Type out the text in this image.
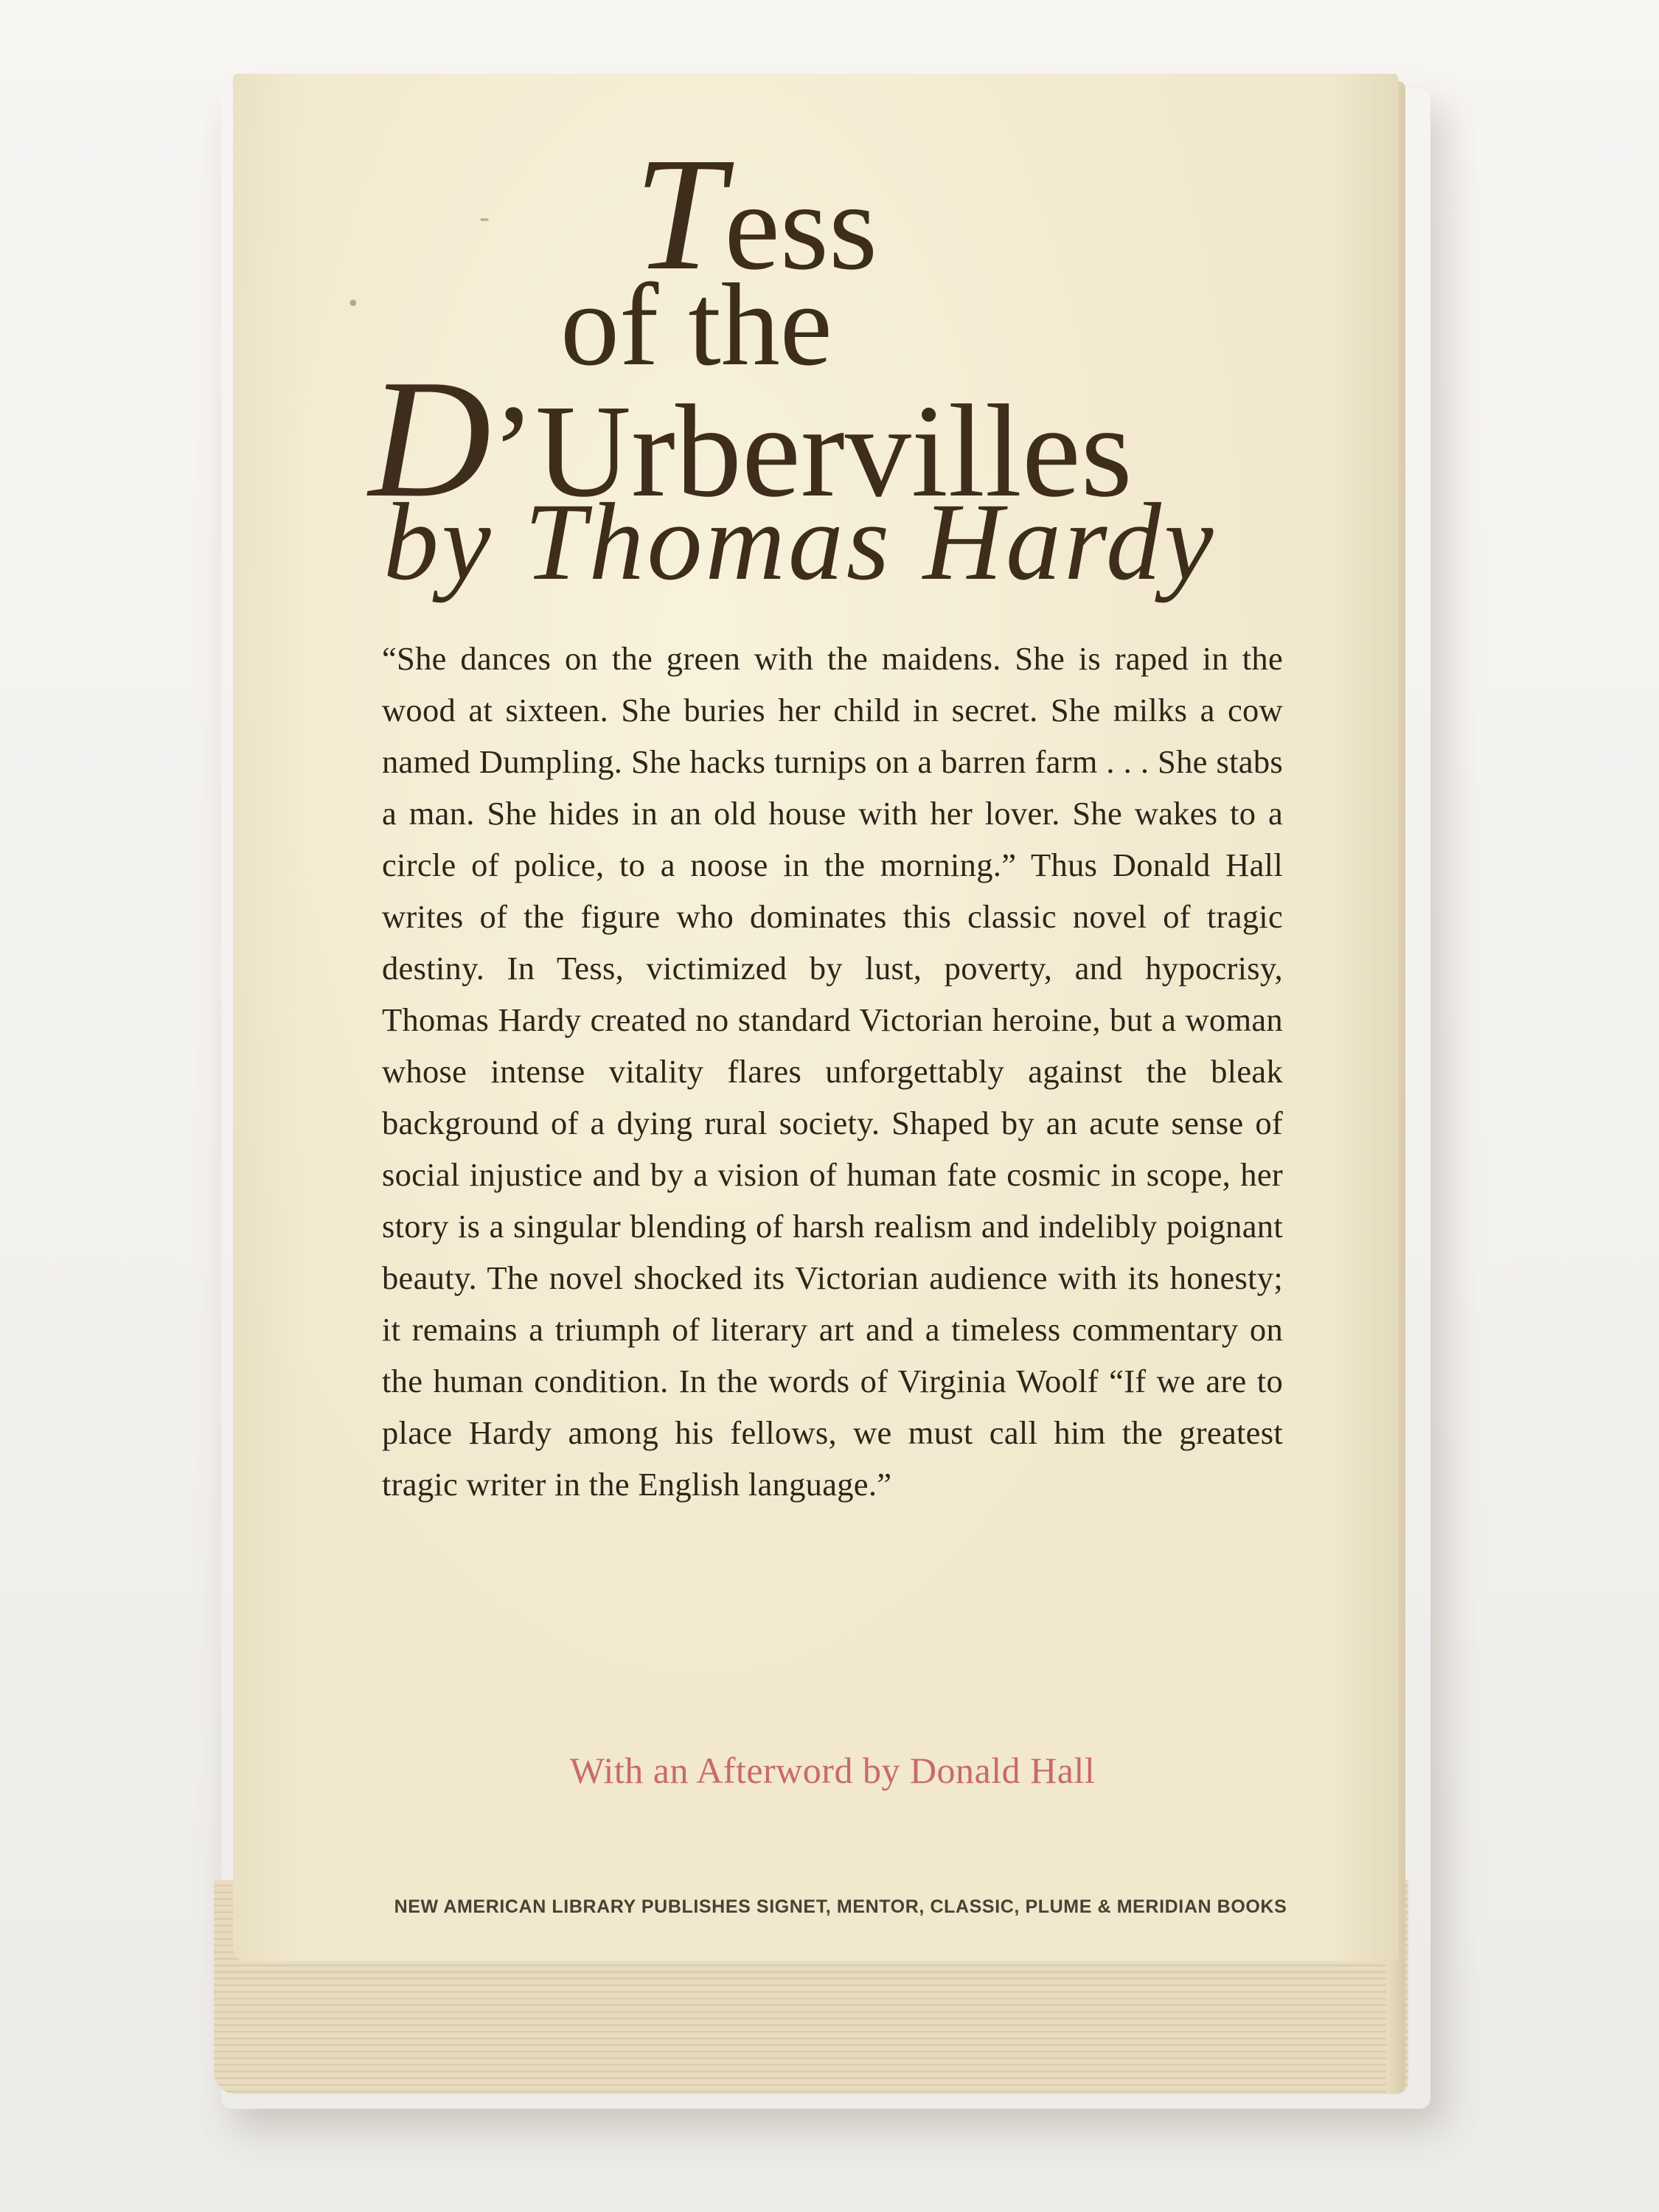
‐
•
Tess
of the
D’Urbervilles
by Thomas Hardy
“She dances on the green with the maidens. She is raped in the wood at sixteen. She buries her child in secret. She milks a cow named Dumpling. She hacks turnips on a barren farm . . . She stabs a man. She hides in an old house with her lover. She wakes to a circle of police, to a noose in the morning.” Thus Donald Hall writes of the figure who dominates this classic novel of tragic destiny. In Tess, victimized by lust, poverty, and hypocrisy, Thomas Hardy created no standard Victorian heroine, but a woman whose intense vitality flares unforgettably against the bleak background of a dying rural society. Shaped by an acute sense of social injustice and by a vision of human fate cosmic in scope, her story is a singular blending of harsh realism and indelibly poignant beauty. The novel shocked its Victorian audience with its honesty; it remains a triumph of literary art and a timeless commentary on the human condition. In the words of Virginia Woolf “If we are to place Hardy among his fellows, we must call him the greatest tragic writer in the English language.”
With an Afterword by Donald Hall
NEW AMERICAN LIBRARY PUBLISHES SIGNET, MENTOR, CLASSIC, PLUME & MERIDIAN BOOKS
